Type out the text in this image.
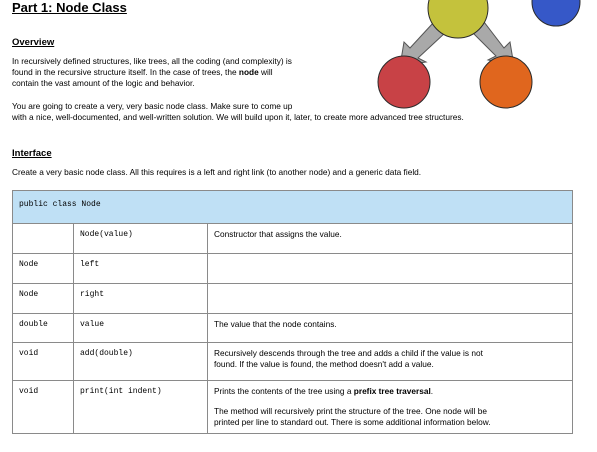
Part 1: Node Class
Overview

In recursively defined structures, like trees, all the coding (and complexity) is
found in the recursive structure itself. In the case of trees, the node will
contain the vast amount of the logic and behavior.

You are going to create a very, very basic node class. Make sure to come up
with a nice, well-documented, and well-written solution. We will build upon it, later, to create more advanced tree structures.

Interface

Create a very basic node class. All this requires is a left and right link (to another node) and a generic data field.

public class Node		
	Node(value)	Constructor that assigns the value.
Node	left	
Node	right	
double	value	The value that the node contains.
void	add(double)	Recursively descends through the tree and adds a child if the value is not
found. If the value is found, the method doesn't add a value.

void	print(int indent)	Prints the contents of the tree using a prefix tree traversal.

The method will recursively print the structure of the tree. One node will be
printed per line to standard out. There is some additional information below.
